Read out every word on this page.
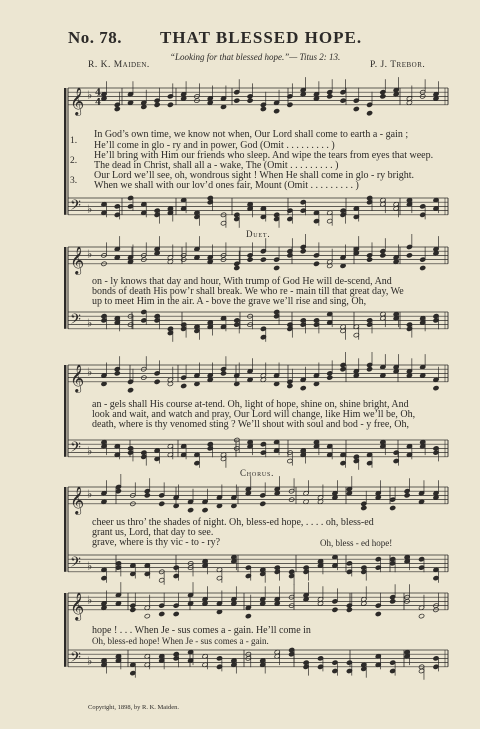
No. 78. THAT BLESSED HOPE.
“Looking for that blessed hope.”— Titus 2: 13.
R. K. Maiden.	P. J. Trebor.
𝄞 ♭
𝄢 ♭
4
4
𝄞 ♭
𝄢 ♭
𝄞 ♭
𝄢 ♭
𝄞 ♭
𝄢 ♭
𝄞 ♭
𝄢 ♭
1.
2.
3.
In God’s own time, we know not when, Our Lord shall come to earth a - gain ;
He’ll come in glo - ry and in power, God (Omit . . . . . . . . . )
He’ll bring with Him our friends who sleep. And wipe the tears from eyes that weep.
The dead in Christ, shall all a - wake, The (Omit . . . . . . . . . )
Our Lord we’ll see, oh, wondrous sight ! When He shall come in glo - ry bright.
When we shall with our lov’d ones fair, Mount (Omit . . . . . . . . . )
Duet.
on - ly knows that day and hour, With trump of God He will de-scend, And
bonds of death His pow’r shall break. We who re - main till that great day, We
up to meet Him in the air. A - bove the grave we’ll rise and sing, Oh,
an - gels shall His course at-tend. Oh, light of hope, shine on, shine bright, And
look and wait, and watch and pray, Our Lord will change, like Him we’ll be, Oh,
death, where is thy venomed sting ? We’ll shout with soul and bod - y free, Oh,
Chorus.
cheer us thro’ the shades of night. Oh, bless-ed hope, . . . . oh, bless-ed
grant us, Lord, that day to see.
grave, where is thy vic - to - ry?	Oh, bless - ed hope!
hope ! . . . When Je - sus comes a - gain. He’ll come in
Oh, bless-ed hope! When Je - sus comes a - gain.
Copyright, 1898, by R. K. Maiden.
